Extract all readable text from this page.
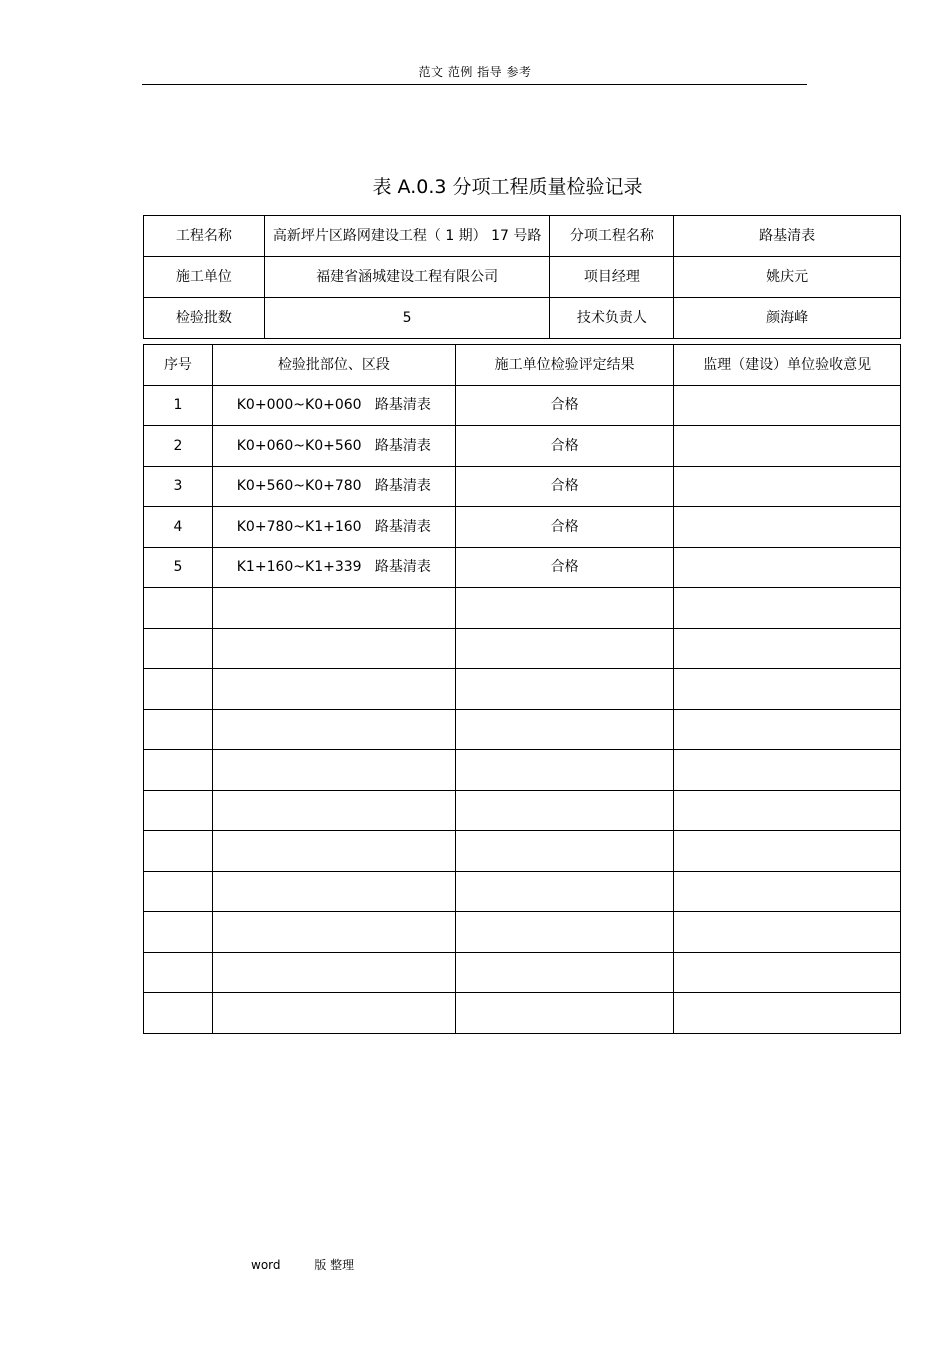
范文 范例 指导 参考
表 A.0.3 分项工程质量检验记录
工程名称	高新坪片区路网建设工程（ 1 期） 17 号路	分项工程名称	路基清表
施工单位	福建省涵城建设工程有限公司	项目经理	姚庆元
检验批数	5	技术负责人	颜海峰
序号	检验批部位、区段	施工单位检验评定结果	监理（建设）单位验收意见
1	K0+000~K0+060   路基清表	合格	
2	K0+060~K0+560   路基清表	合格	
3	K0+560~K0+780   路基清表	合格	
4	K0+780~K1+160   路基清表	合格	
5	K1+160~K1+339   路基清表	合格	

word	版 整理
